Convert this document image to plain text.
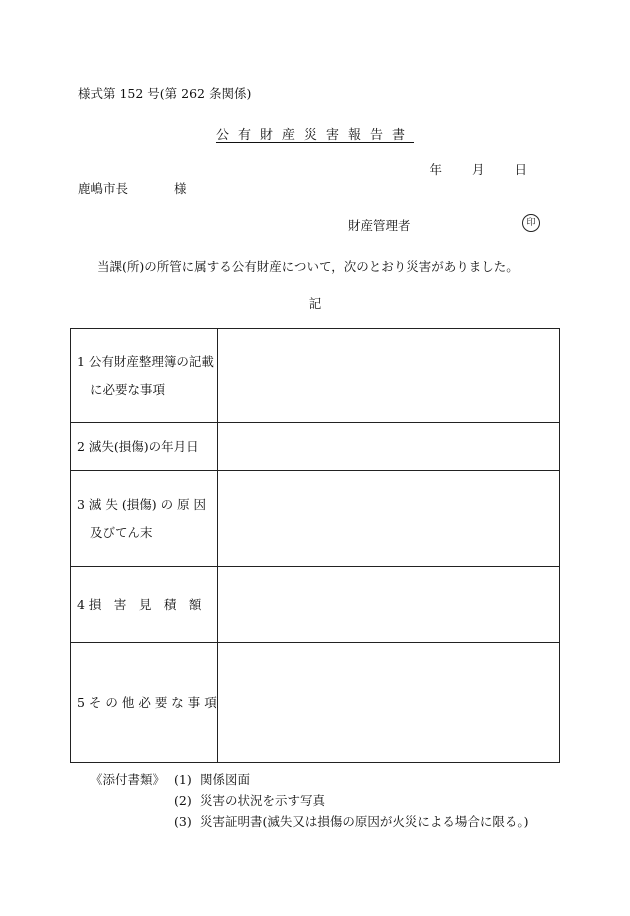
様式第 152 号(第 262 条関係)
公有財産災害報告書
年 月 日
鹿嶋市長	様
財産管理者	印
当課(所)の所管に属する公有財産について，次のとおり災害がありました。
記
1 公有財産整理簿の記載
に必要な事項	

2 滅失(損傷)の年月日	

3 滅 失 (損傷) の 原 因
及びてん末	

4 損　害　見　積　額	

5 そ の 他 必 要 な 事 項	

《添付書類》 (1) 関係図面
(2) 災害の状況を示す写真
(3) 災害証明書(滅失又は損傷の原因が火災による場合に限る。)
